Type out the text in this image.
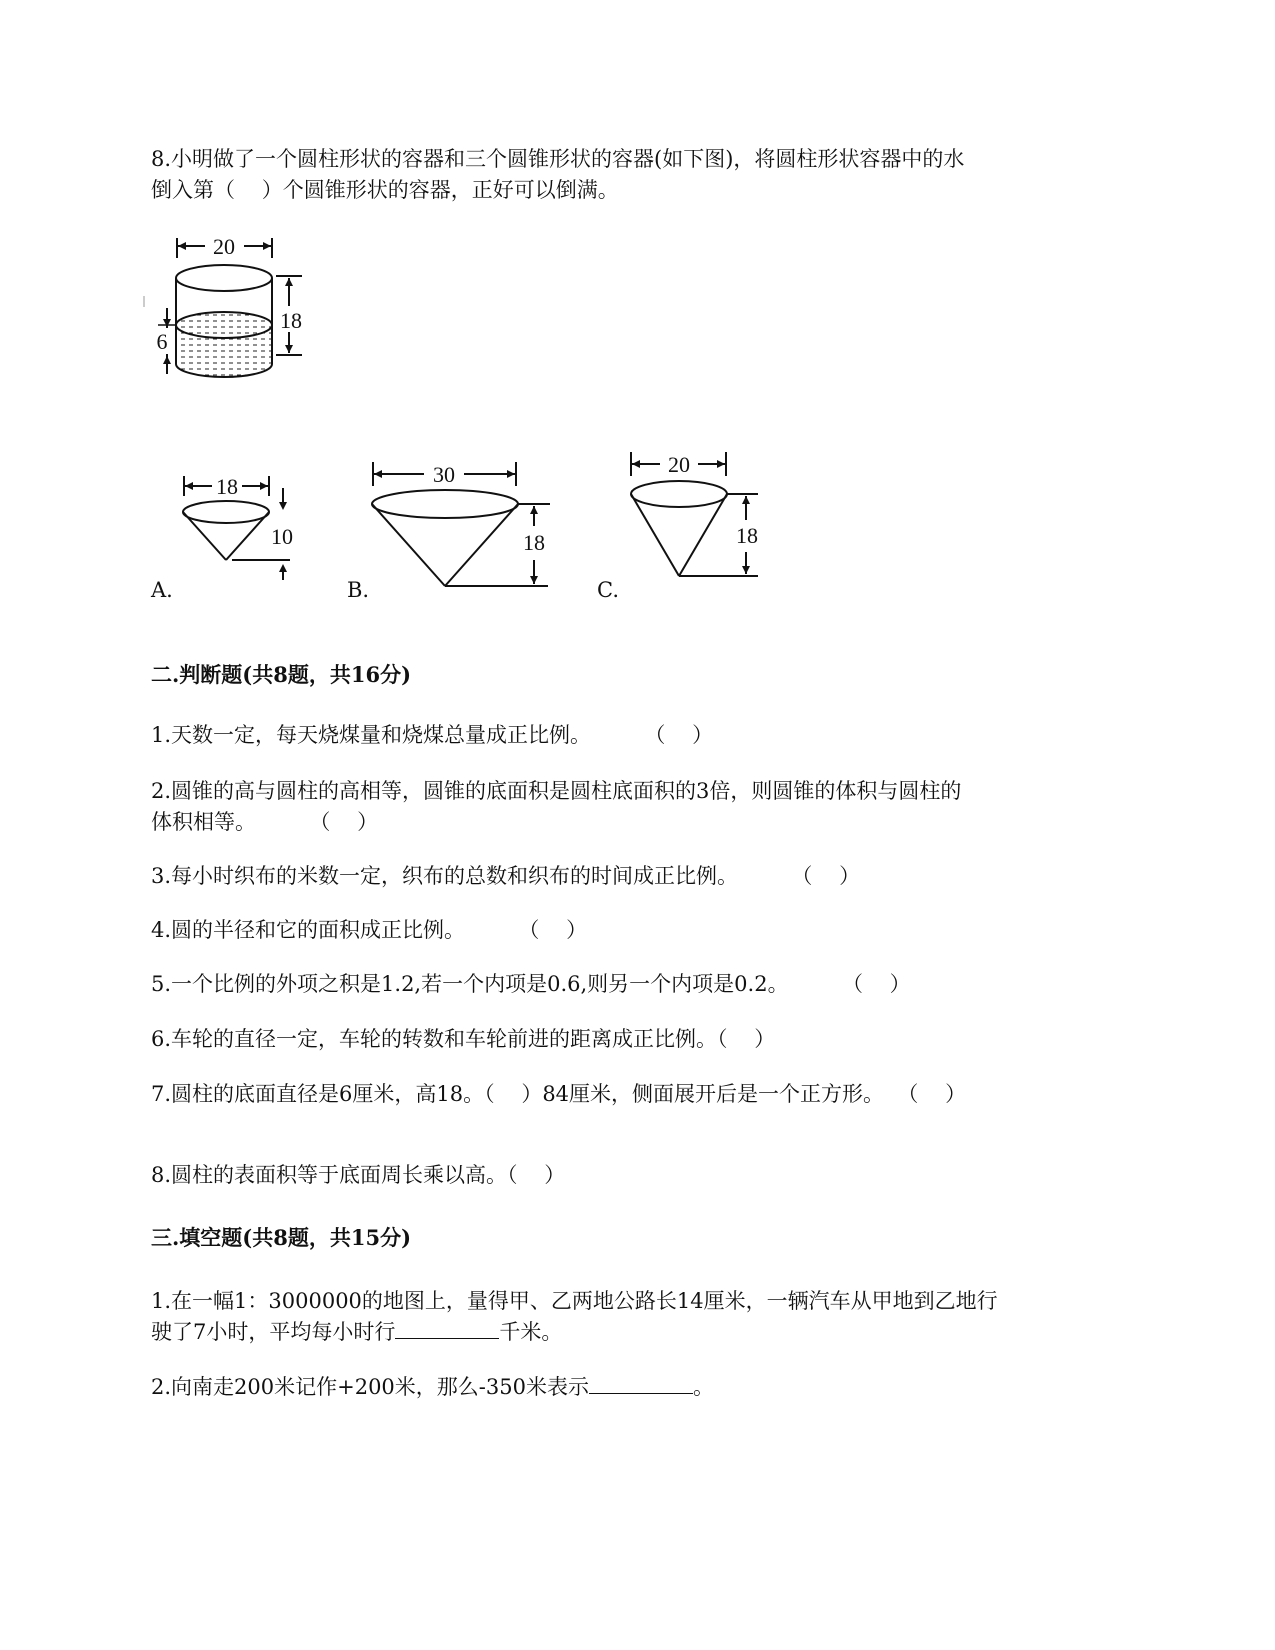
8.小明做了一个圆柱形状的容器和三个圆锥形状的容器(如下图)，将圆柱形状容器中的水
倒入第（    ）个圆锥形状的容器，正好可以倒满。
20
18
6
18
10
A.
30
18
B.
20
18
C.
二.判断题(共8题，共16分)
1.天数一定，每天烧煤量和烧煤总量成正比例。        （    ）
2.圆锥的高与圆柱的高相等，圆锥的底面积是圆柱底面积的3倍，则圆锥的体积与圆柱的
体积相等。        （    ）
3.每小时织布的米数一定，织布的总数和织布的时间成正比例。        （    ）
4.圆的半径和它的面积成正比例。        （    ）
5.一个比例的外项之积是1.2,若一个内项是0.6,则另一个内项是0.2。        （    ）
6.车轮的直径一定，车轮的转数和车轮前进的距离成正比例。（    ）
7.圆柱的底面直径是6厘米，高18。（    ）84厘米，侧面展开后是一个正方形。  （    ）
8.圆柱的表面积等于底面周长乘以高。（    ）
三.填空题(共8题，共15分)
1.在一幅1：3000000的地图上，量得甲、乙两地公路长14厘米，一辆汽车从甲地到乙地行
驶了7小时，平均每小时行	千米。
2.向南走200米记作+200米，那么-350米表示	。
